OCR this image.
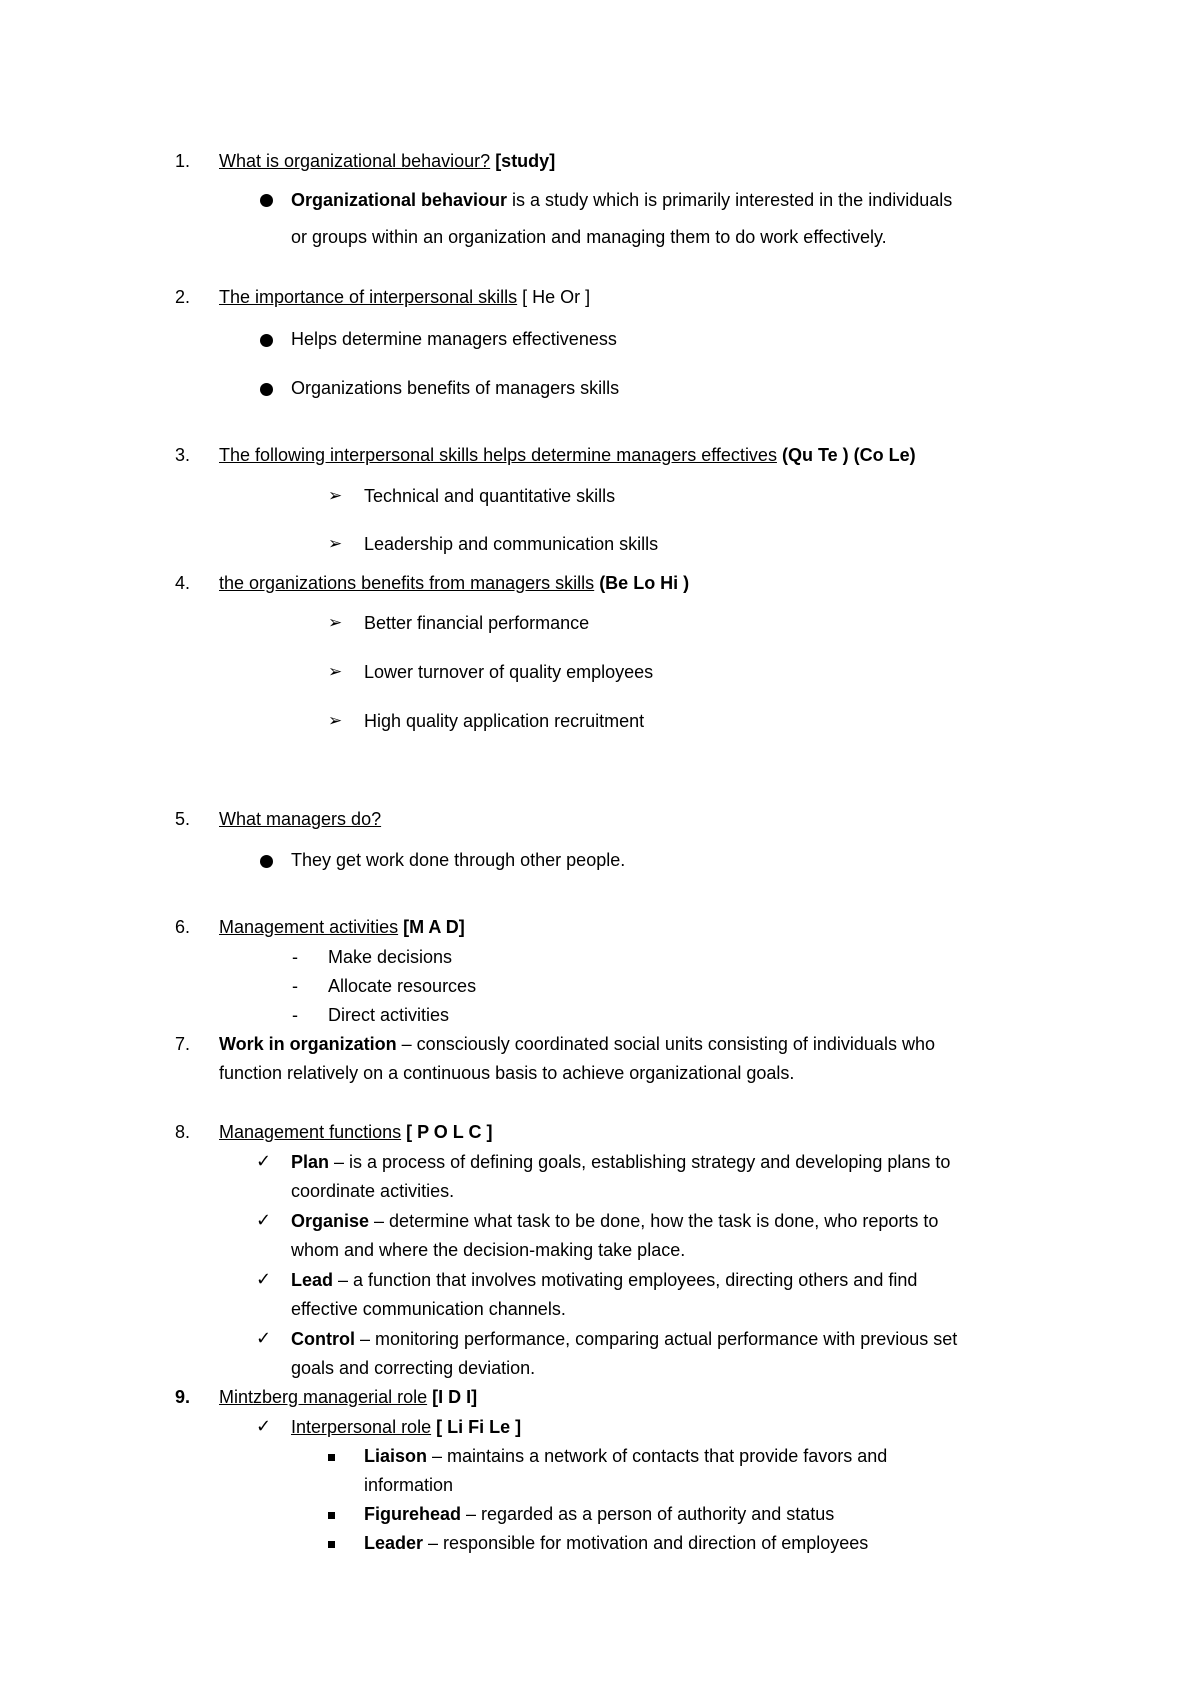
1. What is organizational behaviour? [study]
Organizational behaviour is a study which is primarily interested in the individuals
or groups within an organization and managing them to do work effectively.
2. The importance of interpersonal skills [ He Or ]
Helps determine managers effectiveness
Organizations benefits of managers skills
3. The following interpersonal skills helps determine managers effectives (Qu Te ) (Co Le)
➢ Technical and quantitative skills
➢ Leadership and communication skills
4. the organizations benefits from managers skills (Be Lo Hi )
➢ Better financial performance
➢ Lower turnover of quality employees
➢ High quality application recruitment
5. What managers do?
They get work done through other people.
6. Management activities [M A D]
- Make decisions
- Allocate resources
- Direct activities
7. Work in organization – consciously coordinated social units consisting of individuals who
function relatively on a continuous basis to achieve organizational goals.
8. Management functions [ P O L C ]
✓ Plan – is a process of defining goals, establishing strategy and developing plans to
coordinate activities.
✓ Organise – determine what task to be done, how the task is done, who reports to
whom and where the decision-making take place.
✓ Lead – a function that involves motivating employees, directing others and find
effective communication channels.
✓ Control – monitoring performance, comparing actual performance with previous set
goals and correcting deviation.
9. Mintzberg managerial role [I D I]
✓ Interpersonal role [ Li Fi Le ]
Liaison – maintains a network of contacts that provide favors and
information
Figurehead – regarded as a person of authority and status
Leader – responsible for motivation and direction of employees
